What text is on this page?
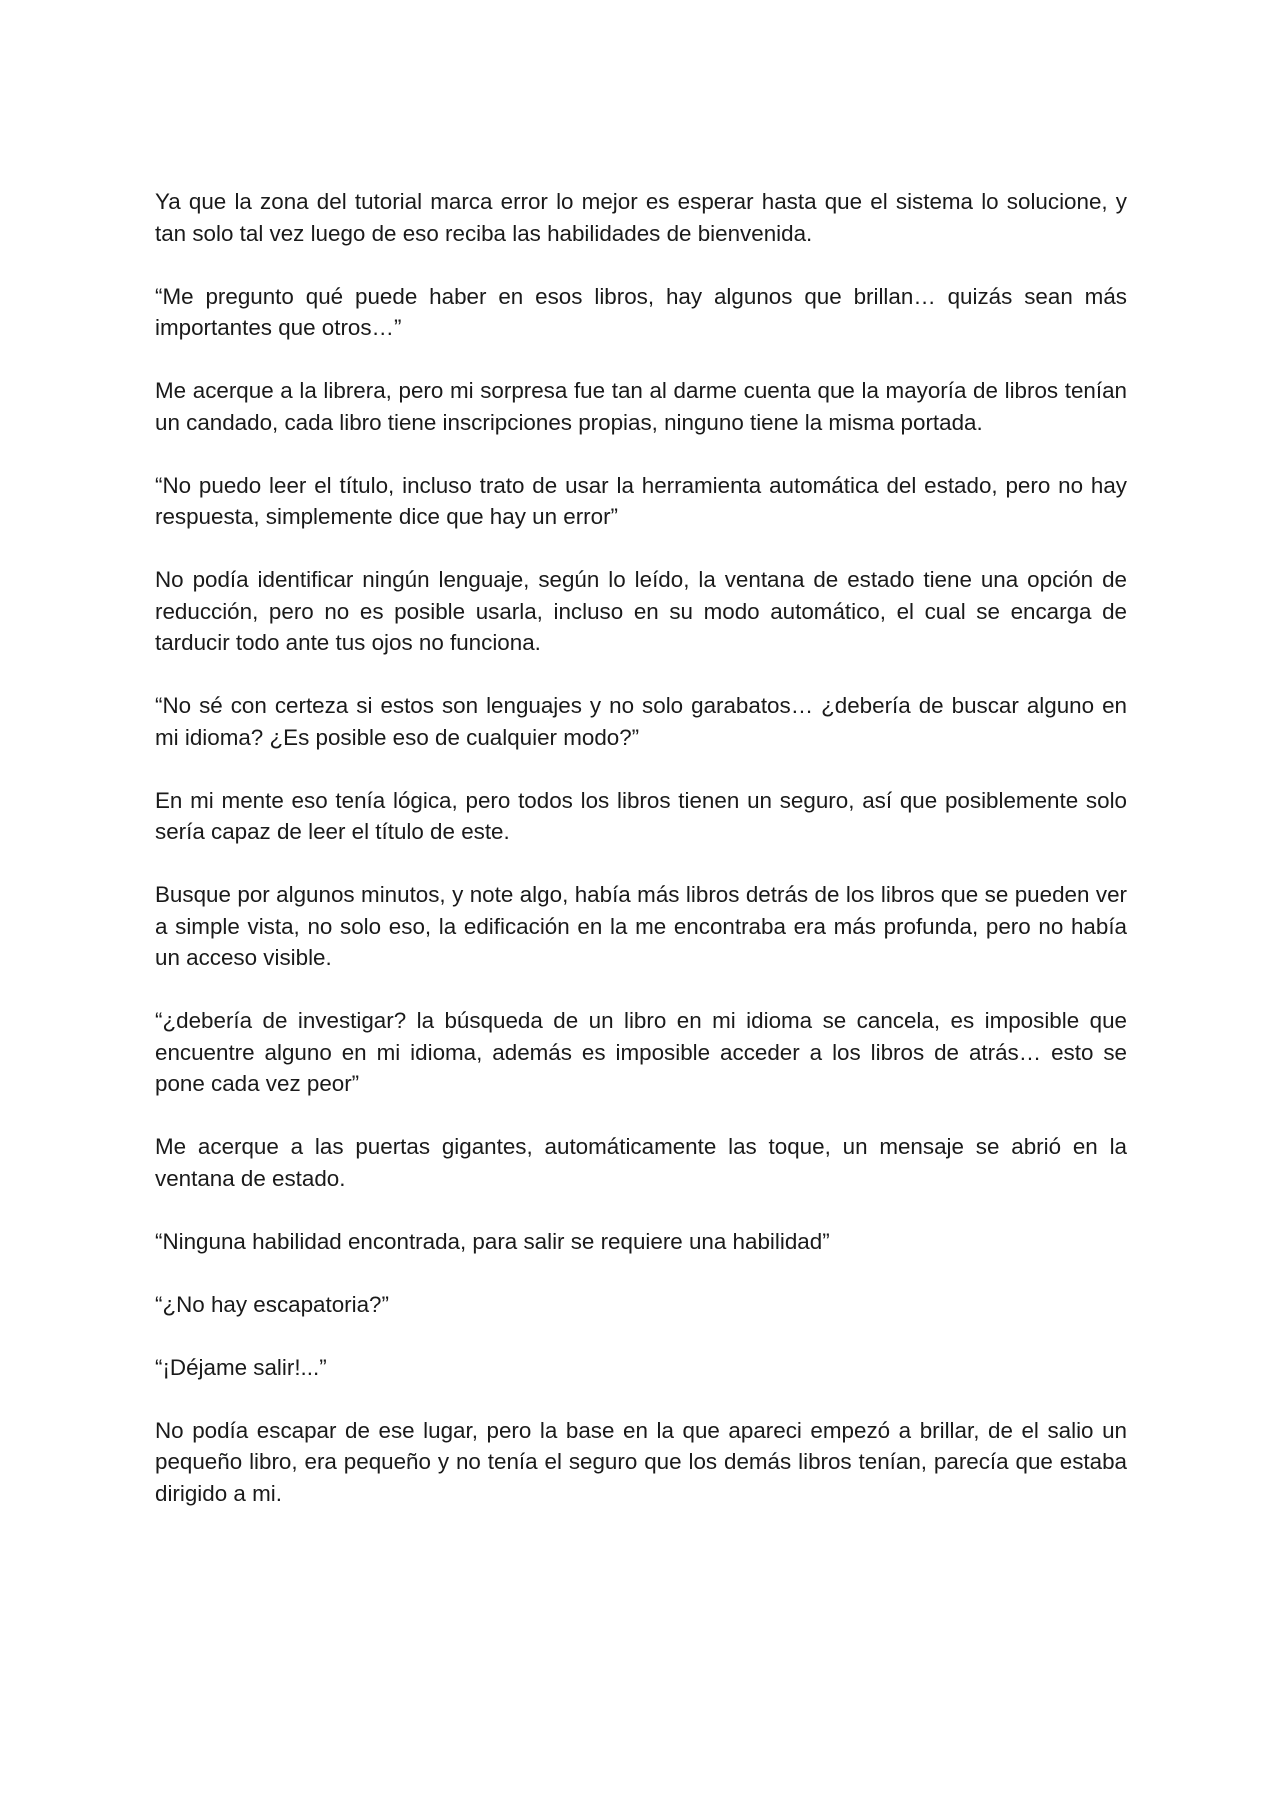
Ya que la zona del tutorial marca error lo mejor es esperar hasta que el sistema lo solucione, y tan solo tal vez luego de eso reciba las habilidades de bienvenida.

“Me pregunto qué puede haber en esos libros, hay algunos que brillan… quizás sean más importantes que otros…”

Me acerque a la librera, pero mi sorpresa fue tan al darme cuenta que la mayoría de libros tenían un candado, cada libro tiene inscripciones propias, ninguno tiene la misma portada.

“No puedo leer el título, incluso trato de usar la herramienta automática del estado, pero no hay respuesta, simplemente dice que hay un error”

No podía identificar ningún lenguaje, según lo leído, la ventana de estado tiene una opción de reducción, pero no es posible usarla, incluso en su modo automático, el cual se encarga de tarducir todo ante tus ojos no funciona.

“No sé con certeza si estos son lenguajes y no solo garabatos… ¿debería de buscar alguno en mi idioma? ¿Es posible eso de cualquier modo?”

En mi mente eso tenía lógica, pero todos los libros tienen un seguro, así que posiblemente solo sería capaz de leer el título de este.

Busque por algunos minutos, y note algo, había más libros detrás de los libros que se pueden ver a simple vista, no solo eso, la edificación en la me encontraba era más profunda, pero no había un acceso visible.

“¿debería de investigar? la búsqueda de un libro en mi idioma se cancela, es imposible que encuentre alguno en mi idioma, además es imposible acceder a los libros de atrás… esto se pone cada vez peor”

Me acerque a las puertas gigantes, automáticamente las toque, un mensaje se abrió en la ventana de estado.

“Ninguna habilidad encontrada, para salir se requiere una habilidad”

“¿No hay escapatoria?”

“¡Déjame salir!...”

No podía escapar de ese lugar, pero la base en la que apareci empezó a brillar, de el salio un pequeño libro, era pequeño y no tenía el seguro que los demás libros tenían, parecía que estaba dirigido a mi.
